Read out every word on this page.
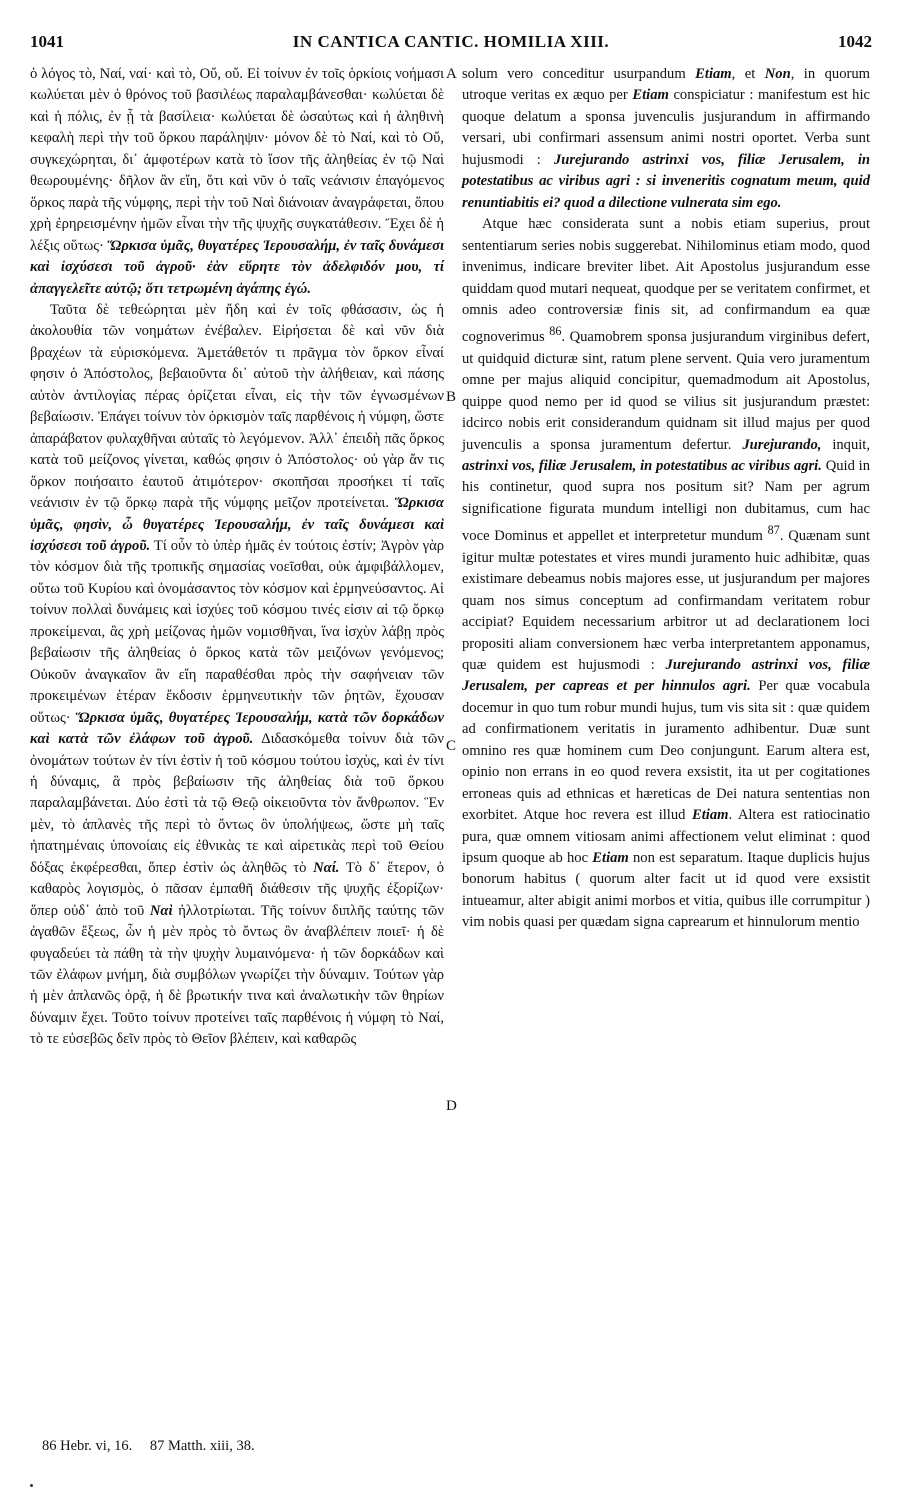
1041	IN CANTICA CANTIC. HOMILIA XIII.	1042

ὁ λόγος τὸ, Ναί, ναί· καὶ τὸ, Οὔ, οὔ. Εἰ τοίνυν ἐν τοῖς ὁρκίοις νοήμασι κωλύεται μὲν ὁ θρόνος τοῦ βασιλέως παραλαμβάνεσθαι· κωλύεται δὲ καὶ ἡ πόλις, ἐν ᾗ τὰ βασίλεια· κωλύεται δὲ ὡσαύτως καὶ ἡ ἀληθινὴ κεφαλὴ περὶ τὴν τοῦ ὅρκου παράληψιν· μόνον δὲ τὸ Ναί, καὶ τὸ Οὔ, συγκεχώρηται, δι᾽ ἀμφοτέρων κατὰ τὸ ἴσον τῆς ἀληθείας ἐν τῷ Ναὶ θεωρουμένης· δῆλον ἂν εἴη, ὅτι καὶ νῦν ὁ ταῖς νεάνισιν ἐπαγόμενος ὅρκος παρὰ τῆς νύμφης, περὶ τὴν τοῦ Ναὶ διάνοιαν ἀναγράφεται, ὅπου χρὴ ἐρηρεισμένην ἡμῶν εἶναι τὴν τῆς ψυχῆς συγκατάθεσιν. Ἔχει δὲ ἡ λέξις οὕτως· Ὥρκισα ὑμᾶς, θυγατέρες Ἱερουσαλήμ, ἐν ταῖς δυνάμεσι καὶ ἰσχύσεσι τοῦ ἀγροῦ· ἐὰν εὕρητε τὸν ἀδελφιδόν μου, τί ἀπαγγελεῖτε αὐτῷ; ὅτι τετρωμένη ἀγάπης ἐγώ.

Ταῦτα δὲ τεθεώρηται μὲν ἤδη καὶ ἐν τοῖς φθάσασιν, ὡς ἡ ἀκολουθία τῶν νοημάτων ἐνέβαλεν. Εἰρήσεται δὲ καὶ νῦν διὰ βραχέων τὰ εὑρισκόμενα. Ἀμετάθετόν τι πρᾶγμα τὸν ὅρκον εἶναί φησιν ὁ Ἀπόστολος, βεβαιοῦντα δι᾽ αὐτοῦ τὴν ἀλήθειαν, καὶ πάσης αὐτὸν ἀντιλογίας πέρας ὁρίζεται εἶναι, εἰς τὴν τῶν ἐγνωσμένων βεβαίωσιν. Ἐπάγει τοίνυν τὸν ὁρκισμὸν ταῖς παρθένοις ἡ νύμφη, ὥστε ἀπαράβατον φυλαχθῆναι αὐταῖς τὸ λεγόμενον. Ἀλλ᾽ ἐπειδὴ πᾶς ὅρκος κατὰ τοῦ μείζονος γίνεται, καθώς φησιν ὁ Ἀπόστολος· οὐ γὰρ ἄν τις ὅρκον ποιήσαιτο ἑαυτοῦ ἀτιμότερον· σκοπῆσαι προσήκει τί ταῖς νεάνισιν ἐν τῷ ὅρκῳ παρὰ τῆς νύμφης μεῖζον προτείνεται. Ὥρκισα ὑμᾶς, φησὶν, ὦ θυγατέρες Ἱερουσαλήμ, ἐν ταῖς δυνάμεσι καὶ ἰσχύσεσι τοῦ ἀγροῦ. Τί οὖν τὸ ὑπὲρ ἡμᾶς ἐν τούτοις ἐστίν; Ἀγρὸν γὰρ τὸν κόσμον διὰ τῆς τροπικῆς σημασίας νοεῖσθαι, οὐκ ἀμφιβάλλομεν, οὕτω τοῦ Κυρίου καὶ ὀνομάσαντος τὸν κόσμον καὶ ἑρμηνεύσαντος. Αἱ τοίνυν πολλαὶ δυνάμεις καὶ ἰσχύες τοῦ κόσμου τινές εἰσιν αἱ τῷ ὅρκῳ προκείμεναι, ἃς χρὴ μείζονας ἡμῶν νομισθῆναι, ἵνα ἰσχὺν λάβῃ πρὸς βεβαίωσιν τῆς ἀληθείας ὁ ὅρκος κατὰ τῶν μειζόνων γενόμενος; Οὐκοῦν ἀναγκαῖον ἂν εἴη παραθέσθαι πρὸς τὴν σαφήνειαν τῶν προκειμένων ἑτέραν ἔκδοσιν ἑρμηνευτικὴν τῶν ῥητῶν, ἔχουσαν οὕτως· Ὥρκισα ὑμᾶς, θυγατέρες Ἱερουσαλήμ, κατὰ τῶν δορκάδων καὶ κατὰ τῶν ἐλάφων τοῦ ἀγροῦ. Διδασκόμεθα τοίνυν διὰ τῶν ὀνομάτων τούτων ἐν τίνι ἐστὶν ἡ τοῦ κόσμου τούτου ἰσχὺς, καὶ ἐν τίνι ἡ δύναμις, ἃ πρὸς βεβαίωσιν τῆς ἀληθείας διὰ τοῦ ὅρκου παραλαμβάνεται. Δύο ἐστὶ τὰ τῷ Θεῷ οἰκειοῦντα τὸν ἄνθρωπον. Ἓν μὲν, τὸ ἀπλανὲς τῆς περὶ τὸ ὄντως ὂν ὑπολήψεως, ὥστε μὴ ταῖς ἠπατημέναις ὑπονοίαις εἰς ἐθνικὰς τε καὶ αἱρετικὰς περὶ τοῦ Θείου δόξας ἐκφέρεσθαι, ὅπερ ἐστὶν ὡς ἀληθῶς τὸ Ναί. Τὸ δ᾽ ἕτερον, ὁ καθαρὸς λογισμὸς, ὁ πᾶσαν ἐμπαθῆ διάθεσιν τῆς ψυχῆς ἐξορίζων· ὅπερ οὐδ᾽ ἀπὸ τοῦ Ναὶ ἠλλοτρίωται. Τῆς τοίνυν διπλῆς ταύτης τῶν ἀγαθῶν ἕξεως, ὧν ἡ μὲν πρὸς τὸ ὄντως ὂν ἀναβλέπειν ποιεῖ· ἡ δὲ φυγαδεύει τὰ πάθη τὰ τὴν ψυχὴν λυμαινόμενα· ἡ τῶν δορκάδων καὶ τῶν ἐλάφων μνήμη, διὰ συμβόλων γνωρίζει τὴν δύναμιν. Τούτων γὰρ ἡ μὲν ἀπλανῶς ὁρᾷ, ἡ δὲ βρωτικήν τινα καὶ ἀναλωτικὴν τῶν θηρίων δύναμιν ἔχει. Τοῦτο τοίνυν προτείνει ταῖς παρθένοις ἡ νύμφη τὸ Ναί, τὸ τε εὐσεβῶς δεῖν πρὸς τὸ Θεῖον βλέπειν, καὶ καθαρῶς

A
B
C
D

solum vero conceditur usurpandum Etiam, et Non, in quorum utroque veritas ex æquo per Etiam conspiciatur : manifestum est hic quoque delatum a sponsa juvenculis jusjurandum in affirmando versari, ubi confirmari assensum animi nostri oportet. Verba sunt hujusmodi : Jurejurando astrinxi vos, filiæ Jerusalem, in potestatibus ac viribus agri : si inveneritis cognatum meum, quid renuntiabitis ei? quod a dilectione vulnerata sim ego.

Atque hæc considerata sunt a nobis etiam superius, prout sententiarum series nobis suggerebat. Nihilominus etiam modo, quod invenimus, indicare breviter libet. Ait Apostolus jusjurandum esse quiddam quod mutari nequeat, quodque per se veritatem confirmet, et omnis adeo controversiæ finis sit, ad confirmandum ea quæ cognoverimus $^{86}$. Quamobrem sponsa jusjurandum virginibus defert, ut quidquid dicturæ sint, ratum plene servent. Quia vero juramentum omne per majus aliquid concipitur, quemadmodum ait Apostolus, quippe quod nemo per id quod se vilius sit jusjurandum præstet: idcirco nobis erit considerandum quidnam sit illud majus per quod juvenculis a sponsa juramentum defertur. Jurejurando, inquit, astrinxi vos, filiæ Jerusalem, in potestatibus ac viribus agri. Quid in his continetur, quod supra nos positum sit? Nam per agrum significatione figurata mundum intelligi non dubitamus, cum hac voce Dominus et appellet et interpretetur mundum $^{87}$. Quænam sunt igitur multæ potestates et vires mundi juramento huic adhibitæ, quas existimare debeamus nobis majores esse, ut jusjurandum per majores quam nos simus conceptum ad confirmandam veritatem robur accipiat? Equidem necessarium arbitror ut ad declarationem loci propositi aliam conversionem hæc verba interpretantem apponamus, quæ quidem est hujusmodi : Jurejurando astrinxi vos, filiæ Jerusalem, per capreas et per hinnulos agri. Per quæ vocabula docemur in quo tum robur mundi hujus, tum vis sita sit : quæ quidem ad confirmationem veritatis in juramento adhibentur. Duæ sunt omnino res quæ hominem cum Deo conjungunt. Earum altera est, opinio non errans in eo quod revera exsistit, ita ut per cogitationes erroneas quis ad ethnicas et hæreticas de Dei natura sententias non exorbitet. Atque hoc revera est illud Etiam. Altera est ratiocinatio pura, quæ omnem vitiosam animi affectionem velut eliminat : quod ipsum quoque ab hoc Etiam non est separatum. Itaque duplicis hujus bonorum habitus ( quorum alter facit ut id quod vere exsistit intueamur, alter abigit animi morbos et vitia, quibus ille corrumpitur ) vim nobis quasi per quædam signa caprearum et hinnulorum mentio

86 Hebr. vi, 16. 87 Matth. xiii, 38.
